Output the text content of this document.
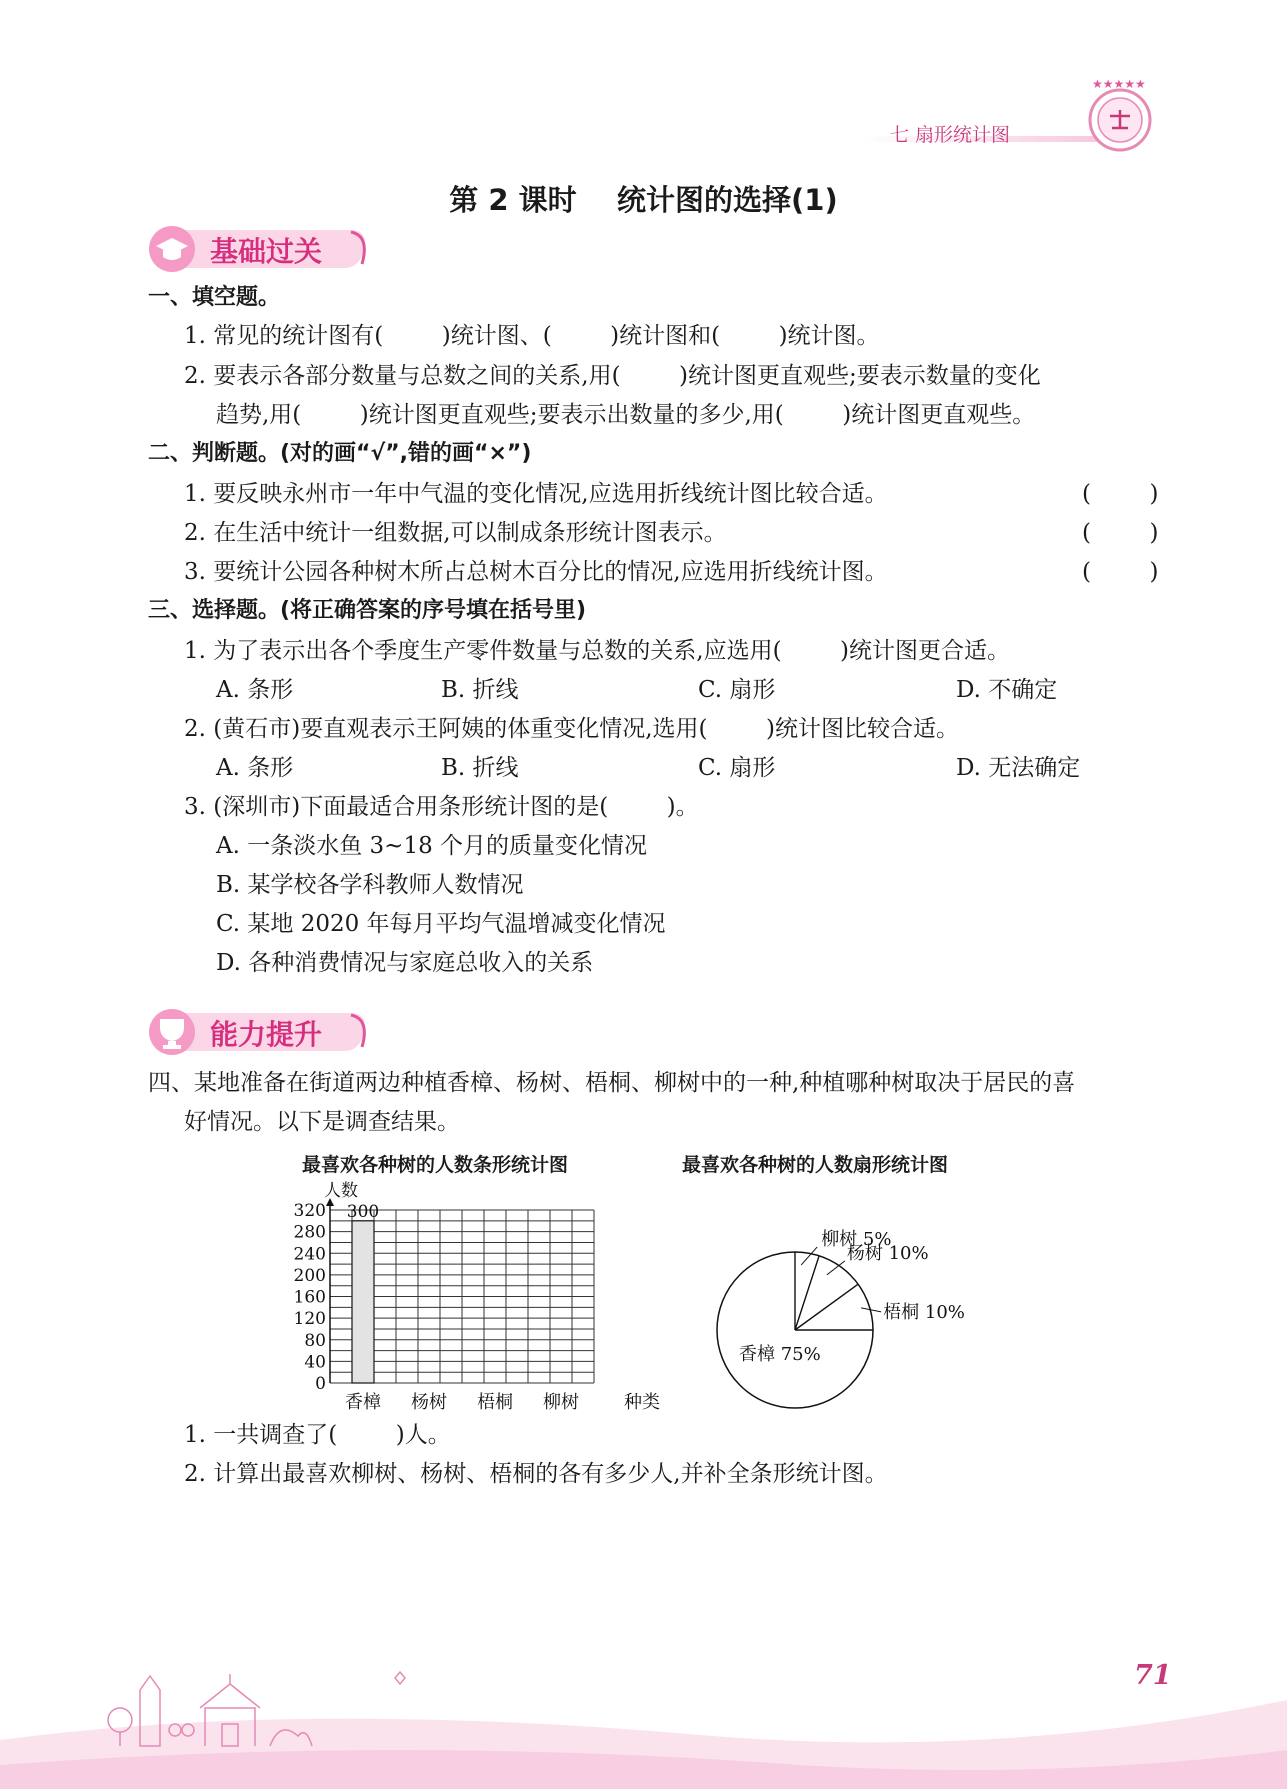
七 扇形统计图
★★★★★
第 2 课时    统计图的选择(1)
基础过关
一、填空题。
1. 常见的统计图有(        )统计图、(        )统计图和(        )统计图。
2. 要表示各部分数量与总数之间的关系,用(        )统计图更直观些;要表示数量的变化
趋势,用(        )统计图更直观些;要表示出数量的多少,用(        )统计图更直观些。
二、判断题。(对的画“√”,错的画“×”)
1. 要反映永州市一年中气温的变化情况,应选用折线统计图比较合适。	(        )
2. 在生活中统计一组数据,可以制成条形统计图表示。	(        )
3. 要统计公园各种树木所占总树木百分比的情况,应选用折线统计图。	(        )
三、选择题。(将正确答案的序号填在括号里)
1. 为了表示出各个季度生产零件数量与总数的关系,应选用(        )统计图更合适。
A. 条形	B. 折线	C. 扇形	D. 不确定
2. (黄石市)要直观表示王阿姨的体重变化情况,选用(        )统计图比较合适。
A. 条形	B. 折线	C. 扇形	D. 无法确定
3. (深圳市)下面最适合用条形统计图的是(        )。
A. 一条淡水鱼 3~18 个月的质量变化情况
B. 某学校各学科教师人数情况
C. 某地 2020 年每月平均气温增减变化情况
D. 各种消费情况与家庭总收入的关系
能力提升
四、某地准备在街道两边种植香樟、杨树、梧桐、柳树中的一种,种植哪种树取决于居民的喜
好情况。以下是调查结果。
最喜欢各种树的人数条形统计图	最喜欢各种树的人数扇形统计图
人数
0
40
80
120
160
200
240
280
320 300
香樟 杨树 梧桐 柳树	种类
梧桐 10%
杨树 10%
柳树 5%
香樟 75%
1. 一共调查了(        )人。
2. 计算出最喜欢柳树、杨树、梧桐的各有多少人,并补全条形统计图。
71
